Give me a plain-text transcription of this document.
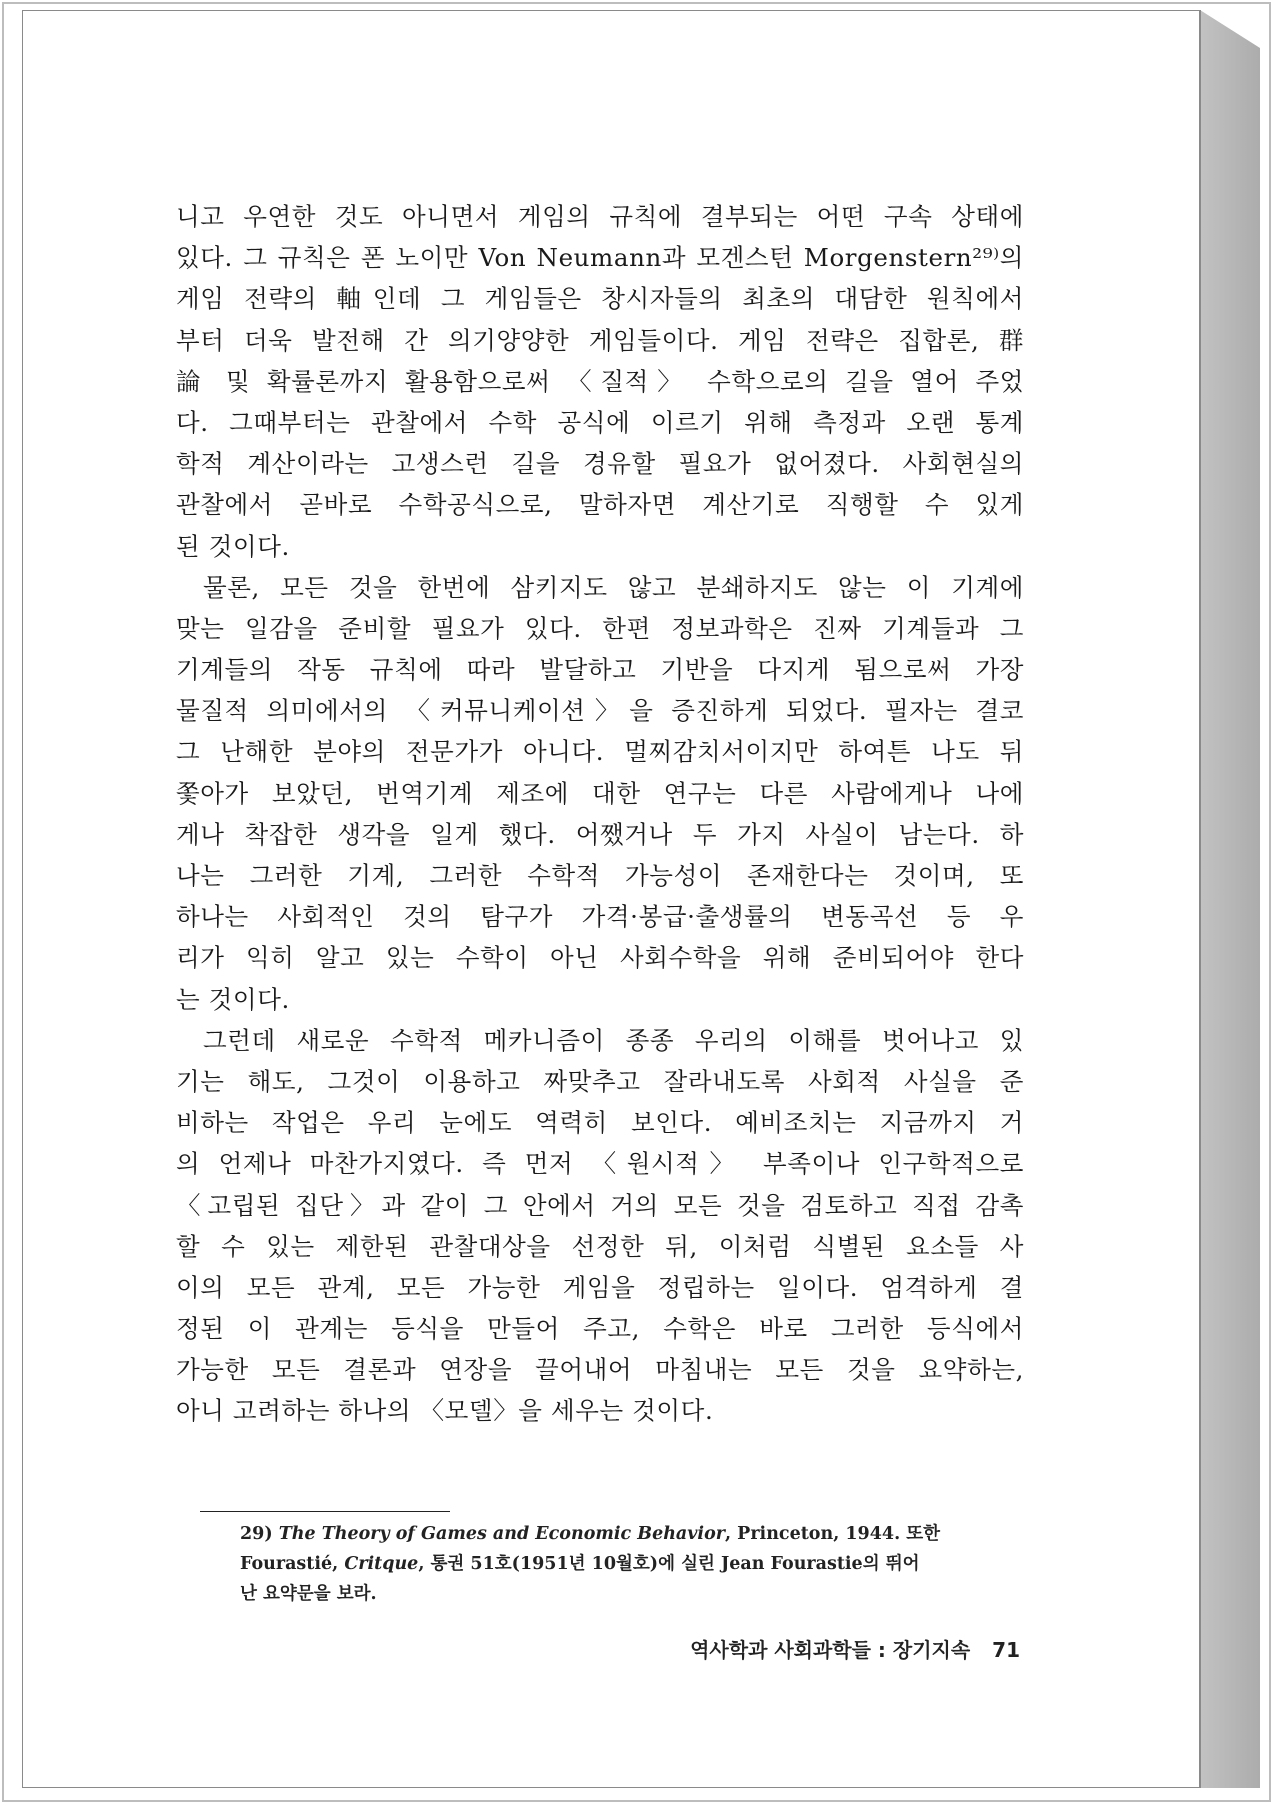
니고 우연한 것도 아니면서 게임의 규칙에 결부되는 어떤 구속 상태에
있다. 그 규칙은 폰 노이만 Von Neumann과 모겐스턴 Morgenstern²⁹⁾의
게임 전략의 軸인데 그 게임들은 창시자들의 최초의 대담한 원칙에서
부터 더욱 발전해 간 의기양양한 게임들이다. 게임 전략은 집합론, 群
論 및 확률론까지 활용함으로써 〈질적〉 수학으로의 길을 열어 주었
다. 그때부터는 관찰에서 수학 공식에 이르기 위해 측정과 오랜 통계
학적 계산이라는 고생스런 길을 경유할 필요가 없어졌다. 사회현실의
관찰에서 곧바로 수학공식으로, 말하자면 계산기로 직행할 수 있게
된 것이다.
물론, 모든 것을 한번에 삼키지도 않고 분쇄하지도 않는 이 기계에
맞는 일감을 준비할 필요가 있다. 한편 정보과학은 진짜 기계들과 그
기계들의 작동 규칙에 따라 발달하고 기반을 다지게 됨으로써 가장
물질적 의미에서의 〈커뮤니케이션〉을 증진하게 되었다. 필자는 결코
그 난해한 분야의 전문가가 아니다. 멀찌감치서이지만 하여튼 나도 뒤
쫓아가 보았던, 번역기계 제조에 대한 연구는 다른 사람에게나 나에
게나 착잡한 생각을 일게 했다. 어쨌거나 두 가지 사실이 남는다. 하
나는 그러한 기계, 그러한 수학적 가능성이 존재한다는 것이며, 또
하나는 사회적인 것의 탐구가 가격·봉급·출생률의 변동곡선 등 우
리가 익히 알고 있는 수학이 아닌 사회수학을 위해 준비되어야 한다
는 것이다.
그런데 새로운 수학적 메카니즘이 종종 우리의 이해를 벗어나고 있
기는 해도, 그것이 이용하고 짜맞추고 잘라내도록 사회적 사실을 준
비하는 작업은 우리 눈에도 역력히 보인다. 예비조치는 지금까지 거
의 언제나 마찬가지였다. 즉 먼저 〈원시적〉 부족이나 인구학적으로
〈고립된 집단〉과 같이 그 안에서 거의 모든 것을 검토하고 직접 감촉
할 수 있는 제한된 관찰대상을 선정한 뒤, 이처럼 식별된 요소들 사
이의 모든 관계, 모든 가능한 게임을 정립하는 일이다. 엄격하게 결
정된 이 관계는 등식을 만들어 주고, 수학은 바로 그러한 등식에서
가능한 모든 결론과 연장을 끌어내어 마침내는 모든 것을 요약하는,
아니 고려하는 하나의 〈모델〉을 세우는 것이다.
29) The Theory of Games and Economic Behavior, Princeton, 1944. 또한
Fourastié, Critque, 통권 51호(1951년 10월호)에 실린 Jean Fourastie의 뛰어
난 요약문을 보라.
역사학과 사회과학들 : 장기지속 71
